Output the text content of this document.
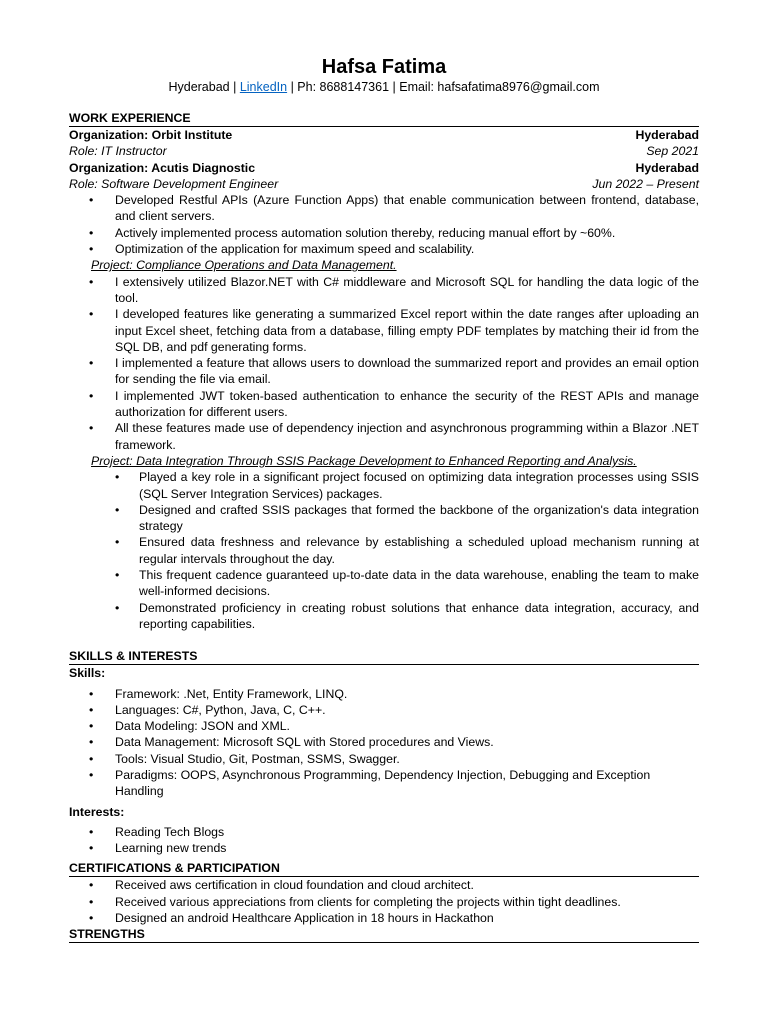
Hafsa Fatima
Hyderabad | LinkedIn | Ph: 8688147361 | Email: hafsafatima8976@gmail.com
WORK EXPERIENCE
Organization: Orbit Institute	Hyderabad
Role: IT Instructor	Sep 2021
Organization: Acutis Diagnostic	Hyderabad
Role: Software Development Engineer	Jun 2022 – Present
• Developed Restful APIs (Azure Function Apps) that enable communication between frontend, database, and client servers.
• Actively implemented process automation solution thereby, reducing manual effort by ~60%.
• Optimization of the application for maximum speed and scalability.
Project: Compliance Operations and Data Management.
• I extensively utilized Blazor.NET with C# middleware and Microsoft SQL for handling the data logic of the tool.
• I developed features like generating a summarized Excel report within the date ranges after uploading an input Excel sheet, fetching data from a database, filling empty PDF templates by matching their id from the SQL DB, and pdf generating forms.
• I implemented a feature that allows users to download the summarized report and provides an email option for sending the file via email.
• I implemented JWT token-based authentication to enhance the security of the REST APIs and manage authorization for different users.
• All these features made use of dependency injection and asynchronous programming within a Blazor .NET framework.
Project: Data Integration Through SSIS Package Development to Enhanced Reporting and Analysis.
• Played a key role in a significant project focused on optimizing data integration processes using SSIS (SQL Server Integration Services) packages.
• Designed and crafted SSIS packages that formed the backbone of the organization's data integration strategy
• Ensured data freshness and relevance by establishing a scheduled upload mechanism running at regular intervals throughout the day.
• This frequent cadence guaranteed up-to-date data in the data warehouse, enabling the team to make well-informed decisions.
• Demonstrated proficiency in creating robust solutions that enhance data integration, accuracy, and reporting capabilities.
SKILLS & INTERESTS
Skills:
• Framework: .Net, Entity Framework, LINQ.
• Languages: C#, Python, Java, C, C++.
• Data Modeling: JSON and XML.
• Data Management: Microsoft SQL with Stored procedures and Views.
• Tools: Visual Studio, Git, Postman, SSMS, Swagger.
• Paradigms: OOPS, Asynchronous Programming, Dependency Injection, Debugging and Exception Handling
Interests:
• Reading Tech Blogs
• Learning new trends
CERTIFICATIONS & PARTICIPATION
• Received aws certification in cloud foundation and cloud architect.
• Received various appreciations from clients for completing the projects within tight deadlines.
• Designed an android Healthcare Application in 18 hours in Hackathon
STRENGTHS
